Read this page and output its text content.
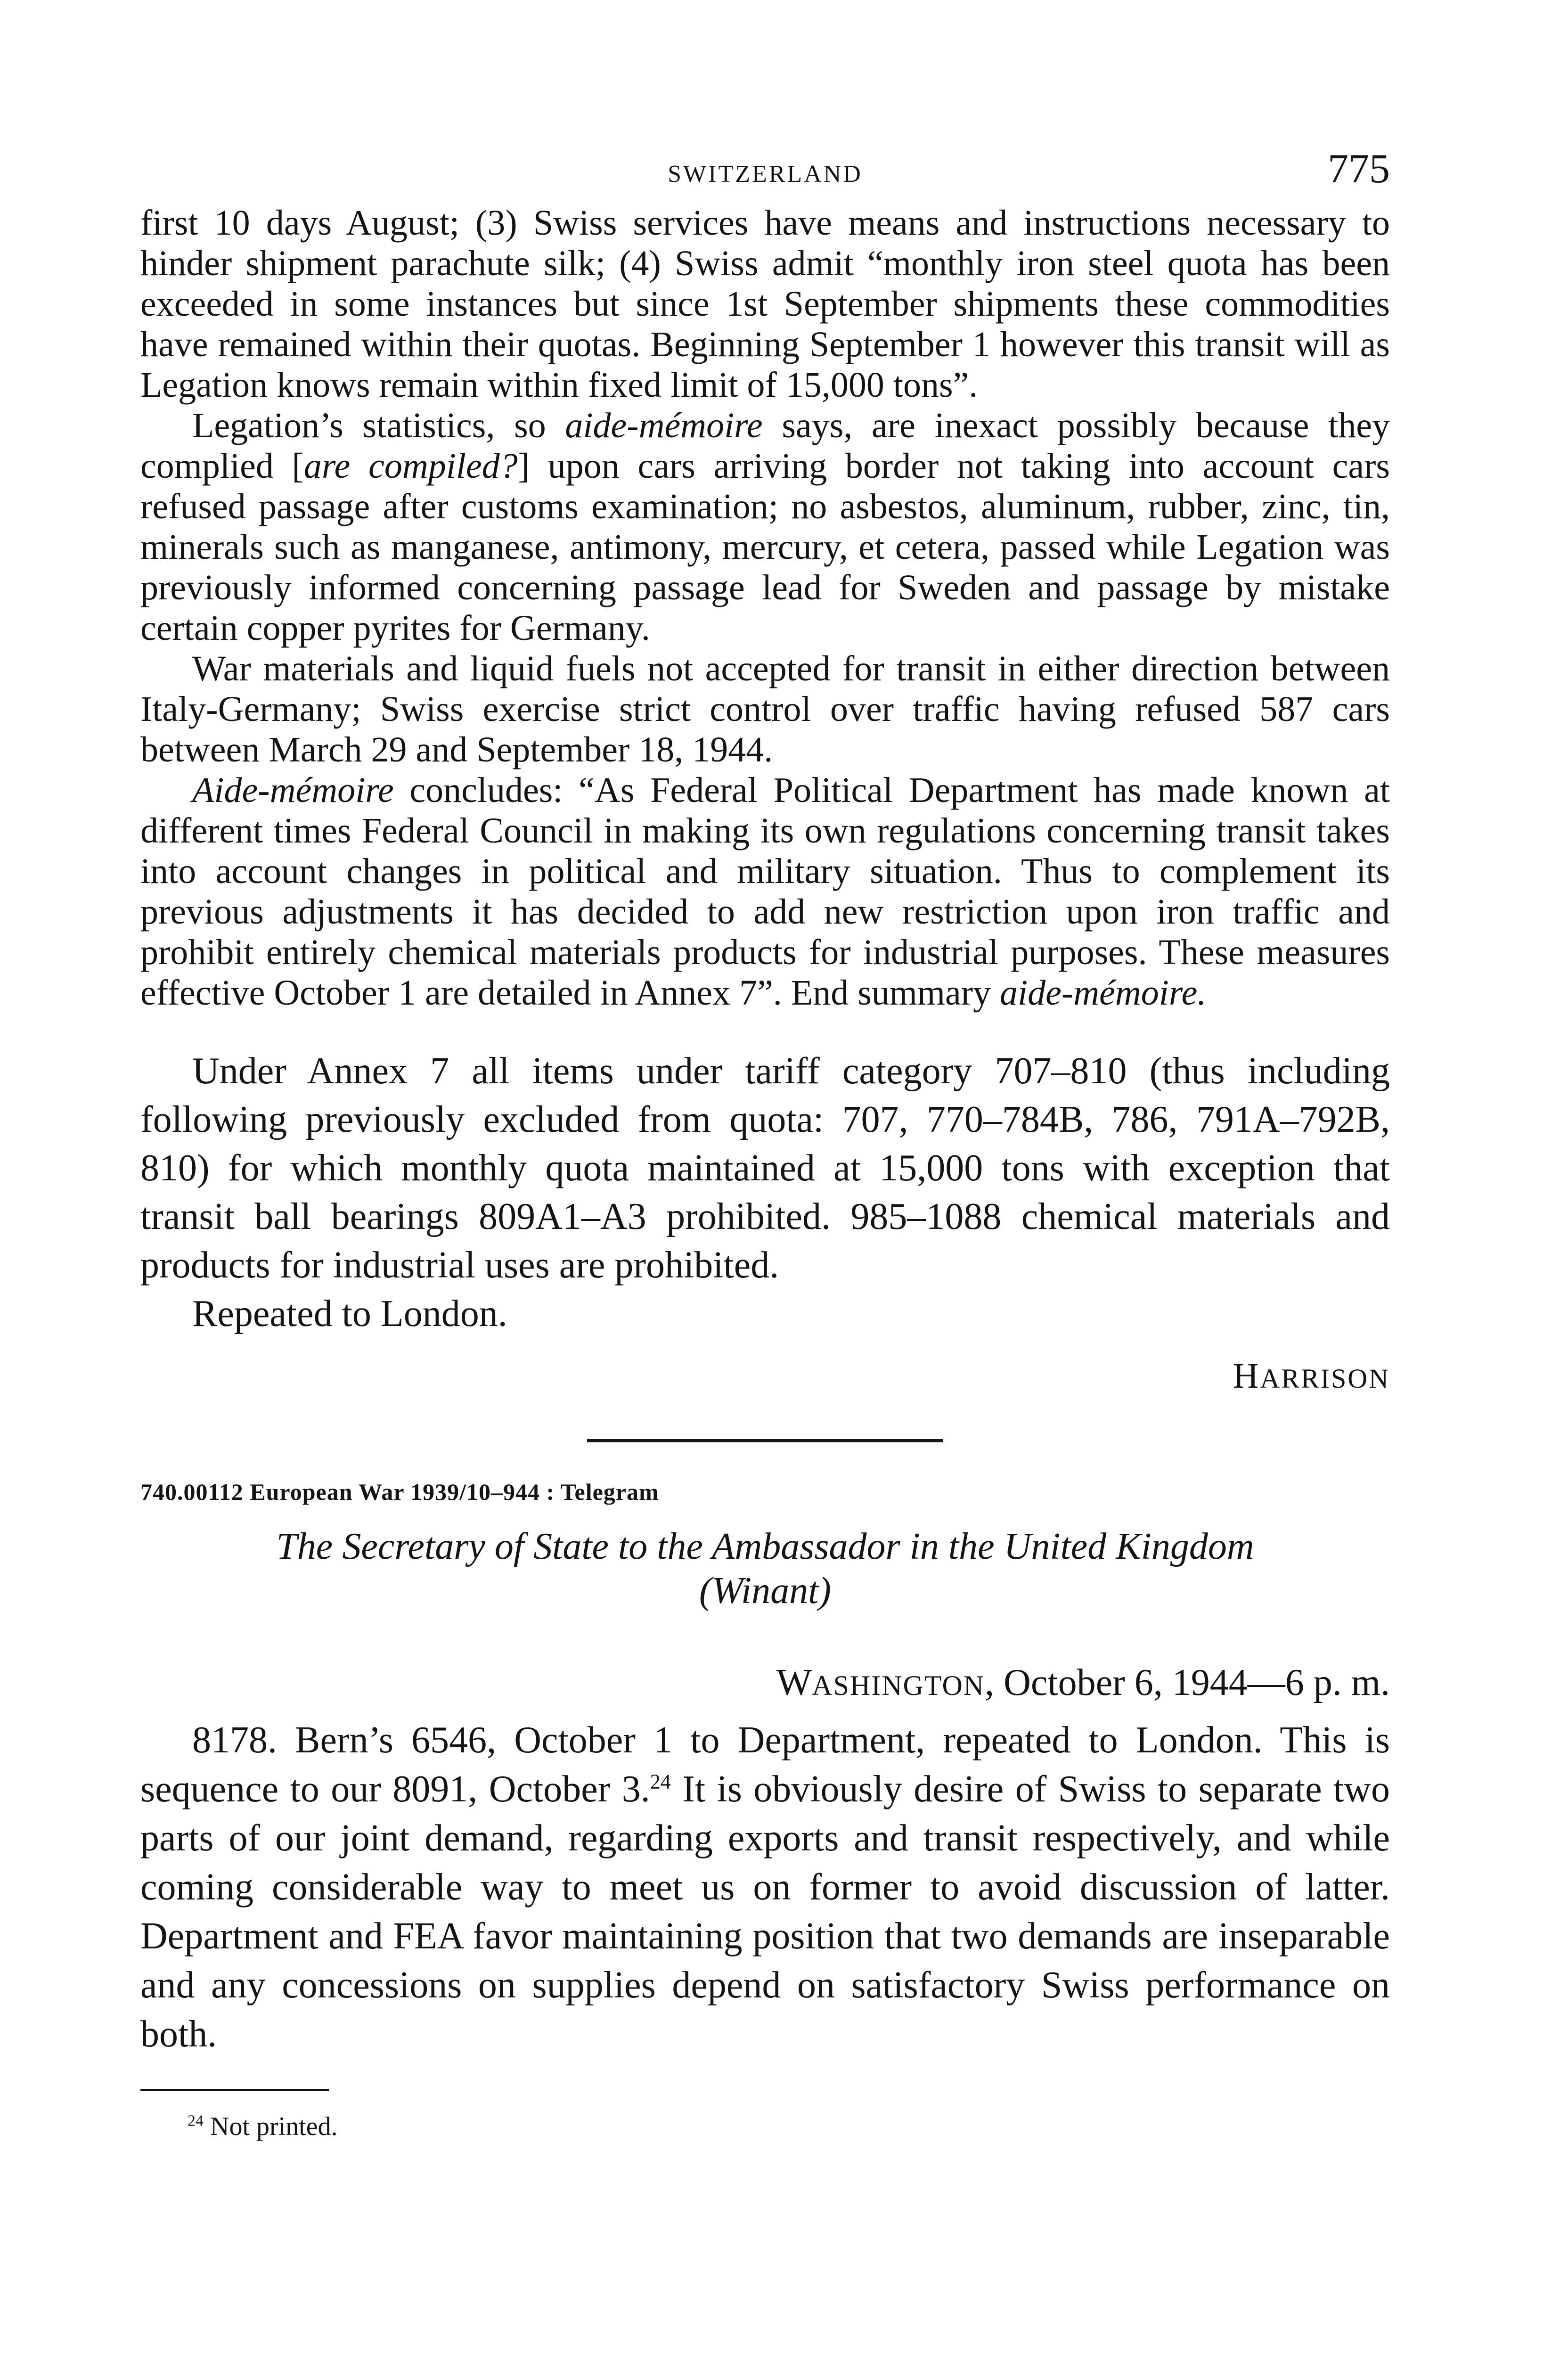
SWITZERLAND	775

first 10 days August; (3) Swiss services have means and instructions necessary to hinder shipment parachute silk; (4) Swiss admit “monthly iron steel quota has been exceeded in some instances but since 1st September shipments these commodities have remained within their quotas. Beginning September 1 however this transit will as Legation knows remain within fixed limit of 15,000 tons”.

Legation’s statistics, so aide-mémoire says, are inexact possibly because they complied [are compiled?] upon cars arriving border not taking into account cars refused passage after customs examination; no asbestos, aluminum, rubber, zinc, tin, minerals such as manganese, antimony, mercury, et cetera, passed while Legation was previously informed concerning passage lead for Sweden and passage by mistake certain copper pyrites for Germany.

War materials and liquid fuels not accepted for transit in either direction between Italy-Germany; Swiss exercise strict control over traffic having refused 587 cars between March 29 and September 18, 1944.

Aide-mémoire concludes: “As Federal Political Department has made known at different times Federal Council in making its own regulations concerning transit takes into account changes in political and military situation. Thus to complement its previous adjustments it has decided to add new restriction upon iron traffic and prohibit entirely chemical materials products for industrial purposes. These measures effective October 1 are detailed in Annex 7”. End summary aide-mémoire.

Under Annex 7 all items under tariff category 707–810 (thus including following previously excluded from quota: 707, 770–784B, 786, 791A–792B, 810) for which monthly quota maintained at 15,000 tons with exception that transit ball bearings 809A1–A3 prohibited. 985–1088 chemical materials and products for industrial uses are prohibited.

Repeated to London.

HARRISON
740.00112 European War 1939/10–944 : Telegram
The Secretary of State to the Ambassador in the United Kingdom
(Winant)
WASHINGTON, October 6, 1944—6 p. m.

8178. Bern’s 6546, October 1 to Department, repeated to London. This is sequence to our 8091, October 3.24 It is obviously desire of Swiss to separate two parts of our joint demand, regarding exports and transit respectively, and while coming considerable way to meet us on former to avoid discussion of latter. Department and FEA favor maintaining position that two demands are inseparable and any concessions on supplies depend on satisfactory Swiss performance on both.

$^{24}$ Not printed.
